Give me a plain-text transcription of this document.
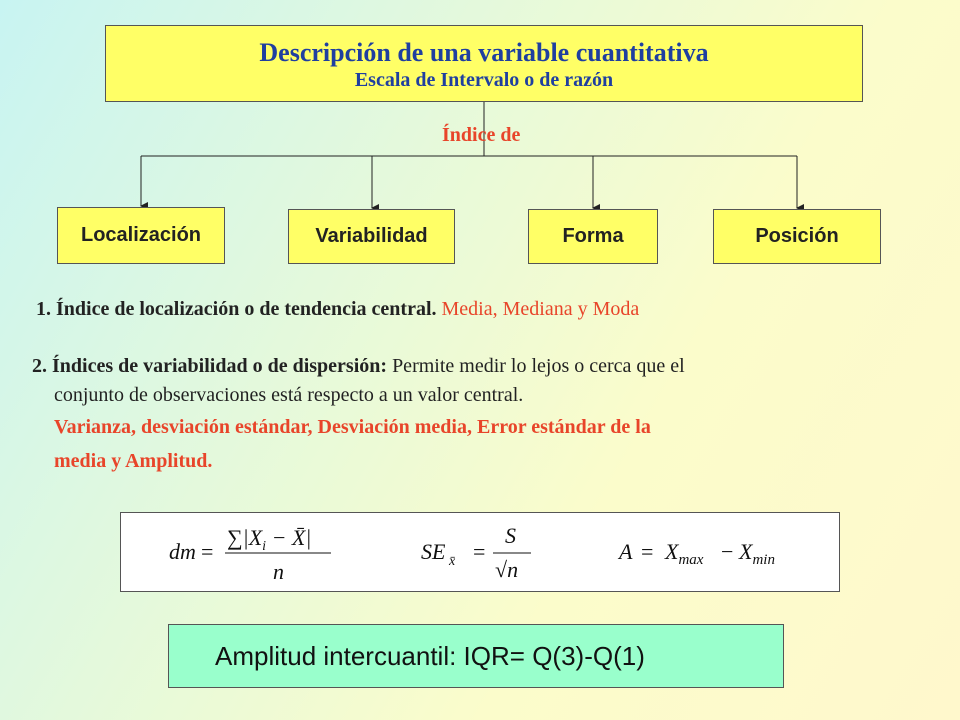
Descripción de una variable cuantitativa
Escala de Intervalo o de razón
Índice de
Localización	Variabilidad	Forma	Posición
1. Índice de localización o de tendencia central. Media, Mediana y Moda
2. Índices de variabilidad o de dispersión: Permite medir lo lejos o cerca que el
conjunto de observaciones está respecto a un valor central.
Varianza, desviación estándar, Desviación media, Error estándar de la
media y Amplitud.
dm =
$\sum|X_i$ − X̄|
n
SE x̄ =
S
√n
$A = X_{max} - X_{min}$
Amplitud intercuantil: IQR= Q(3)-Q(1)
